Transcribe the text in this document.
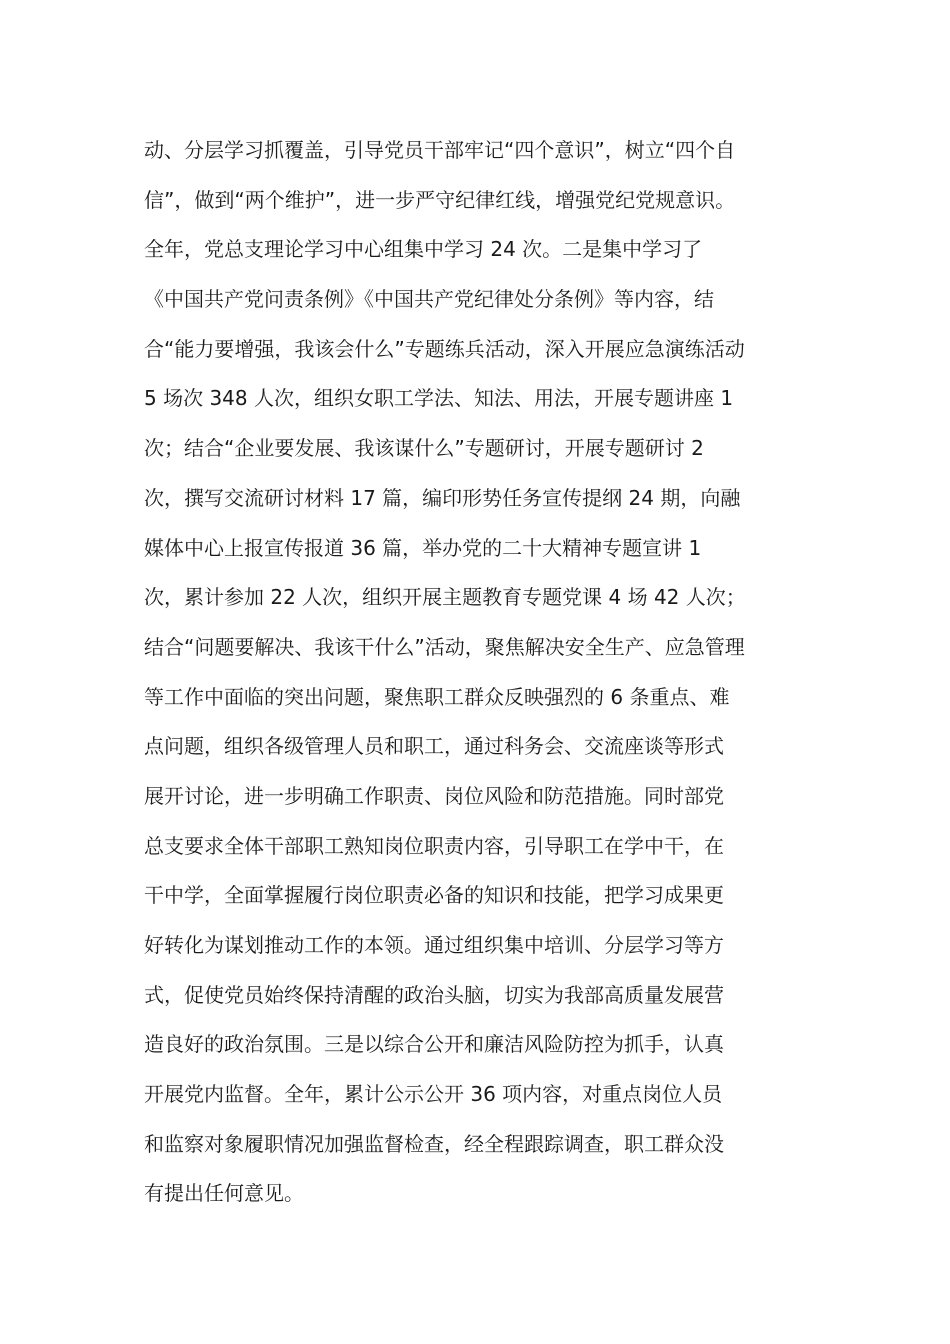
动、分层学习抓覆盖，引导党员干部牢记“四个意识”，树立“四个自
信”，做到“两个维护”，进一步严守纪律红线，增强党纪党规意识。
全年，党总支理论学习中心组集中学习 24 次。二是集中学习了
《中国共产党问责条例》《中国共产党纪律处分条例》等内容，结
合“能力要增强，我该会什么”专题练兵活动，深入开展应急演练活动
5 场次 348 人次，组织女职工学法、知法、用法，开展专题讲座 1
次；结合“企业要发展、我该谋什么”专题研讨，开展专题研讨 2
次，撰写交流研讨材料 17 篇，编印形势任务宣传提纲 24 期，向融
媒体中心上报宣传报道 36 篇，举办党的二十大精神专题宣讲 1
次，累计参加 22 人次，组织开展主题教育专题党课 4 场 42 人次；
结合“问题要解决、我该干什么”活动，聚焦解决安全生产、应急管理
等工作中面临的突出问题，聚焦职工群众反映强烈的 6 条重点、难
点问题，组织各级管理人员和职工，通过科务会、交流座谈等形式
展开讨论，进一步明确工作职责、岗位风险和防范措施。同时部党
总支要求全体干部职工熟知岗位职责内容，引导职工在学中干，在
干中学，全面掌握履行岗位职责必备的知识和技能，把学习成果更
好转化为谋划推动工作的本领。通过组织集中培训、分层学习等方
式，促使党员始终保持清醒的政治头脑，切实为我部高质量发展营
造良好的政治氛围。三是以综合公开和廉洁风险防控为抓手，认真
开展党内监督。全年，累计公示公开 36 项内容，对重点岗位人员
和监察对象履职情况加强监督检查，经全程跟踪调查，职工群众没
有提出任何意见。
